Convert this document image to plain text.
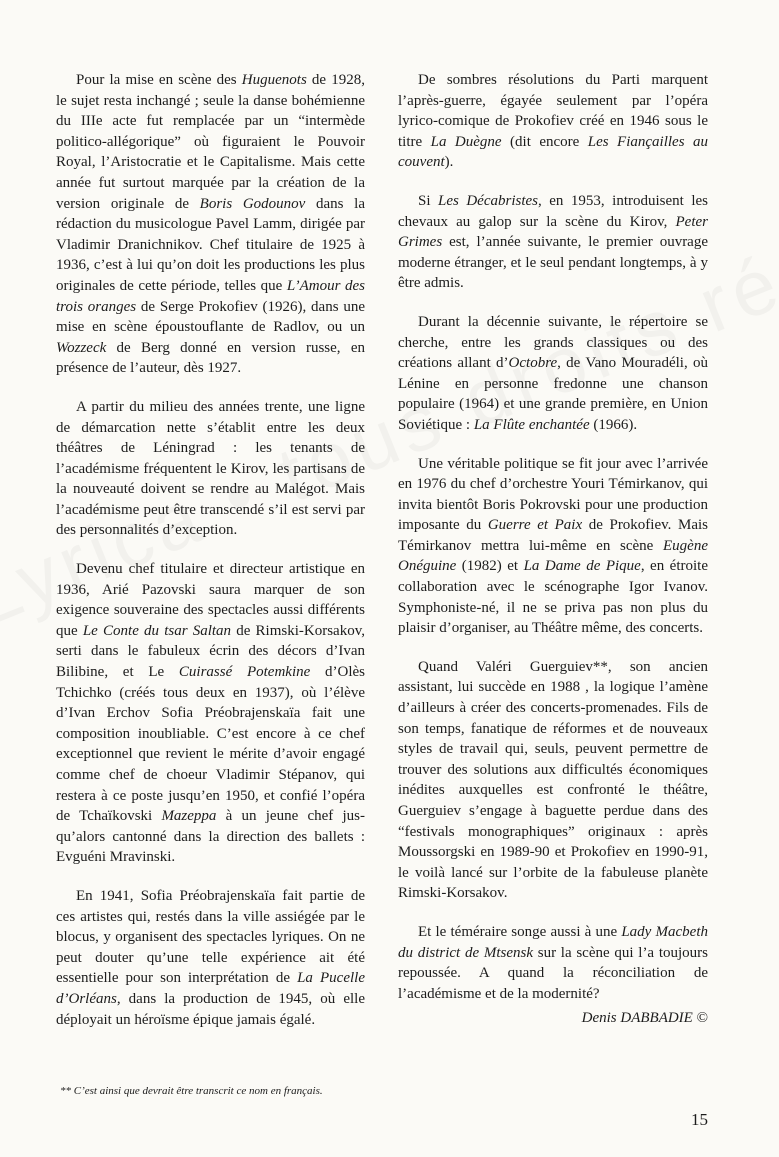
Pour la mise en scène des Huguenots de 1928, le sujet resta inchangé ; seule la danse bohémienne du IIIe acte fut remplacée par un “intermède politico-allégorique” où figuraient le Pouvoir Royal, l’Aristocratie et le Capitalisme. Mais cette année fut surtout marquée par la création de la version originale de Boris Godounov dans la rédaction du musicologue Pavel Lamm, dirigée par Vladimir Dranichnikov. Chef titulaire de 1925 à 1936, c’est à lui qu’on doit les productions les plus originales de cette période, telles que L’Amour des trois oranges de Serge Prokofiev (1926), dans une mise en scène époustouflante de Radlov, ou un Wozzeck de Berg donné en version russe, en présence de l’auteur, dès 1927.

A partir du milieu des années trente, une ligne de démarcation nette s’établit entre les deux théâtres de Léningrad : les tenants de l’académisme fréquentent le Kirov, les partisans de la nouveauté doivent se rendre au Malégot. Mais l’académisme peut être transcendé s’il est servi par des personnalités d’exception.

Devenu chef titulaire et directeur artistique en 1936, Arié Pazovski saura marquer de son exigence souveraine des spectacles aussi différents que Le Conte du tsar Saltan de Rimski-Korsakov, serti dans le fabuleux écrin des décors d’Ivan Bilibine, et Le Cuirassé Potemkine d’Olès Tchichko (créés tous deux en 1937), où l’élève d’Ivan Erchov Sofia Préobrajenskaïa fait une composition inoubliable. C’est encore à ce chef exceptionnel que revient le mérite d’avoir engagé comme chef de choeur Vladimir Stépanov, qui restera à ce poste jusqu’en 1950, et confié l’opéra de Tchaïkovski Mazeppa à un jeune chef jusqu’alors cantonné dans la direction des ballets : Evguéni Mravinski.

En 1941, Sofia Préobrajenskaïa fait partie de ces artistes qui, restés dans la ville assiégée par le blocus, y organisent des spectacles lyriques. On ne peut douter qu’une telle expérience ait été essentielle pour son interprétation de La Pucelle d’Orléans, dans la production de 1945, où elle déployait un héroïsme épique jamais égalé.

De sombres résolutions du Parti marquent l’après-guerre, égayée seulement par l’opéra lyrico-comique de Prokofiev créé en 1946 sous le titre La Duègne (dit encore Les Fiançailles au couvent).

Si Les Décabristes, en 1953, introduisent les chevaux au galop sur la scène du Kirov, Peter Grimes est, l’année suivante, le premier ouvrage moderne étranger, et le seul pendant longtemps, à y être admis.

Durant la décennie suivante, le répertoire se cherche, entre les grands classiques ou des créations allant d’Octobre, de Vano Mouradéli, où Lénine en personne fredonne une chanson populaire (1964) et une grande première, en Union Soviétique : La Flûte enchantée (1966).

Une véritable politique se fit jour avec l’arrivée en 1976 du chef d’orchestre Youri Témirkanov, qui invita bientôt Boris Pokrovski pour une production imposante du Guerre et Paix de Prokofiev. Mais Témirkanov mettra lui-même en scène Eugène Onéguine (1982) et La Dame de Pique, en étroite collaboration avec le scénographe Igor Ivanov. Symphoniste-né, il ne se priva pas non plus du plaisir d’organiser, au Théâtre même, des concerts.

Quand Valéri Guerguiev**, son ancien assistant, lui succède en 1988 , la logique l’amène d’ailleurs à créer des concerts-promenades. Fils de son temps, fanatique de réformes et de nouveaux styles de travail qui, seuls, peuvent permettre de trouver des solutions aux difficultés économiques inédites auxquelles est confronté le théâtre, Guerguiev s’engage à baguette perdue dans des “festivals monographiques” originaux : après Moussorgski en 1989-90 et Prokofiev en 1990-91, le voilà lancé sur l’orbite de la fabuleuse planète Rimski-Korsakov.

Et le téméraire songe aussi à une Lady Macbeth du district de Mtsensk sur la scène qui l’a toujours repoussée. A quand la réconciliation de l’académisme et de la modernité?

Denis DABBADIE ©
** C’est ainsi que devrait être transcrit ce nom en français.
15
